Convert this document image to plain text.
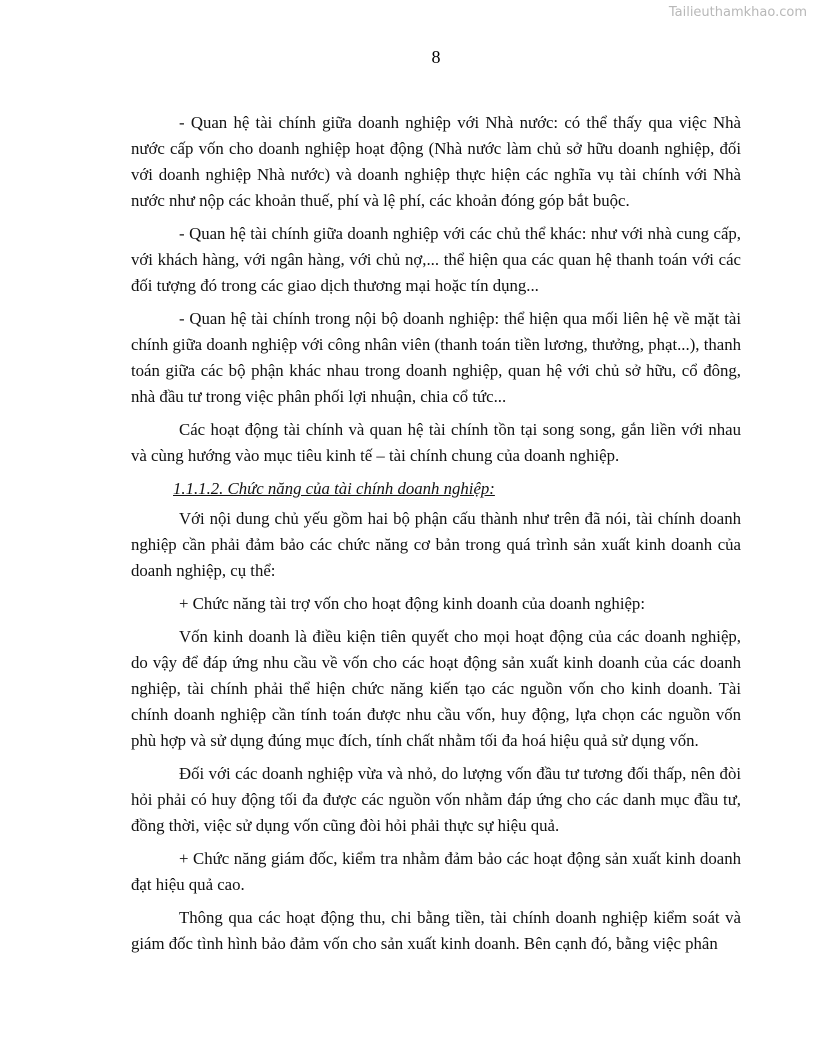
Tailieuthamkhao.com
8

- Quan hệ tài chính giữa doanh nghiệp với Nhà nước: có thể thấy qua việc Nhà nước cấp vốn cho doanh nghiệp hoạt động (Nhà nước làm chủ sở hữu doanh nghiệp, đối với doanh nghiệp Nhà nước) và doanh nghiệp thực hiện các nghĩa vụ tài chính với Nhà nước như nộp các khoản thuế, phí và lệ phí, các khoản đóng góp bắt buộc.

- Quan hệ tài chính giữa doanh nghiệp với các chủ thể khác: như với nhà cung cấp, với khách hàng, với ngân hàng, với chủ nợ,... thể hiện qua các quan hệ thanh toán với các đối tượng đó trong các giao dịch thương mại hoặc tín dụng...

- Quan hệ tài chính trong nội bộ doanh nghiệp: thể hiện qua mối liên hệ về mặt tài chính giữa doanh nghiệp với công nhân viên (thanh toán tiền lương, thưởng, phạt...), thanh toán giữa các bộ phận khác nhau trong doanh nghiệp, quan hệ với chủ sở hữu, cổ đông, nhà đầu tư trong việc phân phối lợi nhuận, chia cổ tức...

Các hoạt động tài chính và quan hệ tài chính tồn tại song song, gắn liền với nhau và cùng hướng vào mục tiêu kinh tế – tài chính chung của doanh nghiệp.

1.1.1.2. Chức năng của tài chính doanh nghiệp:

Với nội dung chủ yếu gồm hai bộ phận cấu thành như trên đã nói, tài chính doanh nghiệp cần phải đảm bảo các chức năng cơ bản trong quá trình sản xuất kinh doanh của doanh nghiệp, cụ thể:

+ Chức năng tài trợ vốn cho hoạt động kinh doanh của doanh nghiệp:

Vốn kinh doanh là điều kiện tiên quyết cho mọi hoạt động của các doanh nghiệp, do vậy để đáp ứng nhu cầu về vốn cho các hoạt động sản xuất kinh doanh của các doanh nghiệp, tài chính phải thể hiện chức năng kiến tạo các nguồn vốn cho kinh doanh. Tài chính doanh nghiệp cần tính toán được nhu cầu vốn, huy động, lựa chọn các nguồn vốn phù hợp và sử dụng đúng mục đích, tính chất nhằm tối đa hoá hiệu quả sử dụng vốn.

Đối với các doanh nghiệp vừa và nhỏ, do lượng vốn đầu tư tương đối thấp, nên đòi hỏi phải có huy động tối đa được các nguồn vốn nhằm đáp ứng cho các danh mục đầu tư, đồng thời, việc sử dụng vốn cũng đòi hỏi phải thực sự hiệu quả.

+ Chức năng giám đốc, kiểm tra nhằm đảm bảo các hoạt động sản xuất kinh doanh đạt hiệu quả cao.

Thông qua các hoạt động thu, chi bằng tiền, tài chính doanh nghiệp kiểm soát và giám đốc tình hình bảo đảm vốn cho sản xuất kinh doanh. Bên cạnh đó, bằng việc phân
